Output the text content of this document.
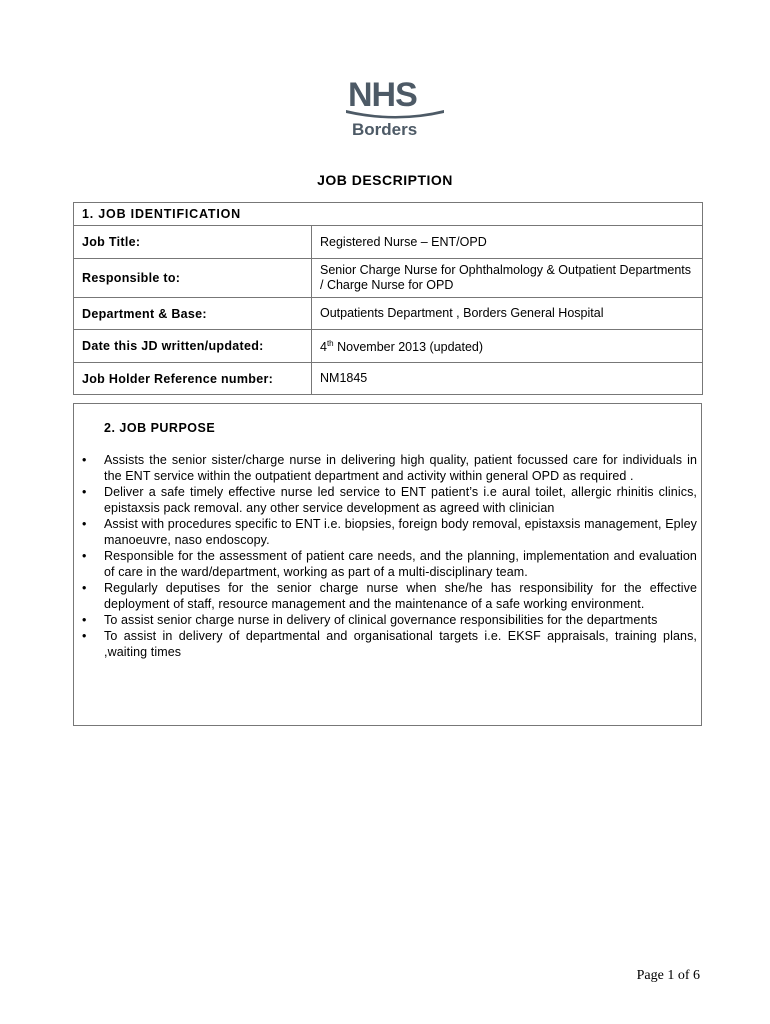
NHS
Borders
JOB DESCRIPTION
1. JOB IDENTIFICATION	
Job Title:	Registered Nurse – ENT/OPD
Responsible to:	Senior Charge Nurse for Ophthalmology & Outpatient Departments / Charge Nurse for OPD
Department & Base:	Outpatients Department , Borders General Hospital
Date this JD written/updated:	4th November 2013 (updated)
Job Holder Reference number:	NM1845
2. JOB PURPOSE
• Assists the senior sister/charge nurse in delivering high quality, patient focussed care for individuals in the ENT service within the outpatient department and activity within general OPD as required .
• Deliver a safe timely effective nurse led service to ENT patient’s i.e aural toilet, allergic rhinitis clinics, epistaxsis pack removal. any other service development as agreed with clinician
• Assist with procedures specific to ENT i.e. biopsies, foreign body removal, epistaxsis management, Epley manoeuvre, naso endoscopy.
• Responsible for the assessment of patient care needs, and the planning, implementation and evaluation of care in the ward/department, working as part of a multi-disciplinary team.
• Regularly deputises for the senior charge nurse when she/he has responsibility for the effective deployment of staff, resource management and the maintenance of a safe working environment.
• To assist senior charge nurse in delivery of clinical governance responsibilities for the departments
• To assist in delivery of departmental and organisational targets i.e. EKSF appraisals, training plans, ,waiting times
Page 1 of 6
